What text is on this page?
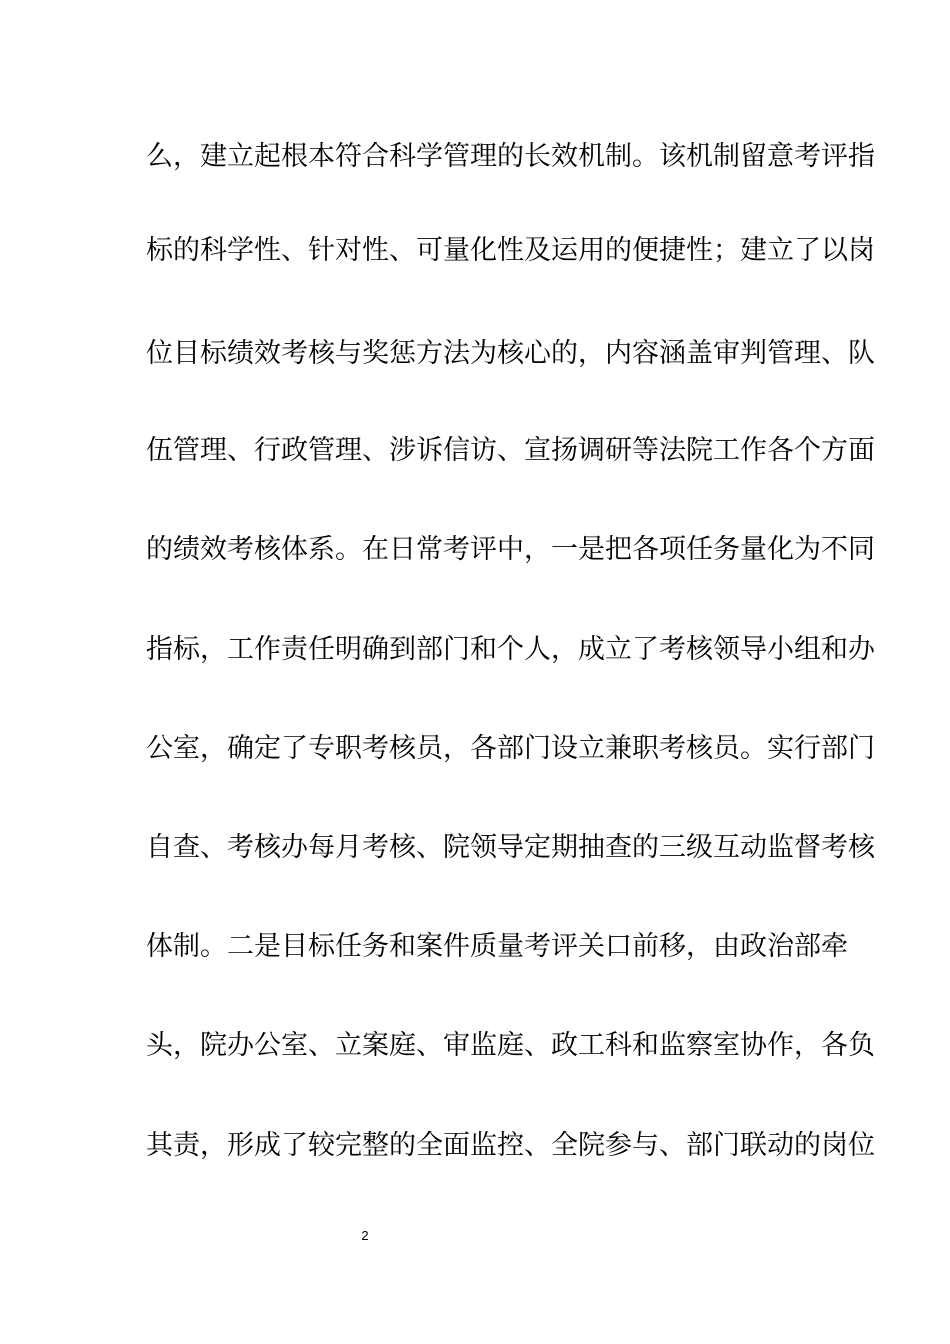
么，建立起根本符合科学管理的长效机制。该机制留意考评指
标的科学性、针对性、可量化性及运用的便捷性；建立了以岗
位目标绩效考核与奖惩方法为核心的，内容涵盖审判管理、队
伍管理、行政管理、涉诉信访、宣扬调研等法院工作各个方面
的绩效考核体系。在日常考评中，一是把各项任务量化为不同
指标，工作责任明确到部门和个人，成立了考核领导小组和办
公室，确定了专职考核员，各部门设立兼职考核员。实行部门
自查、考核办每月考核、院领导定期抽查的三级互动监督考核
体制。二是目标任务和案件质量考评关口前移，由政治部牵
头，院办公室、立案庭、审监庭、政工科和监察室协作，各负
其责，形成了较完整的全面监控、全院参与、部门联动的岗位
2
